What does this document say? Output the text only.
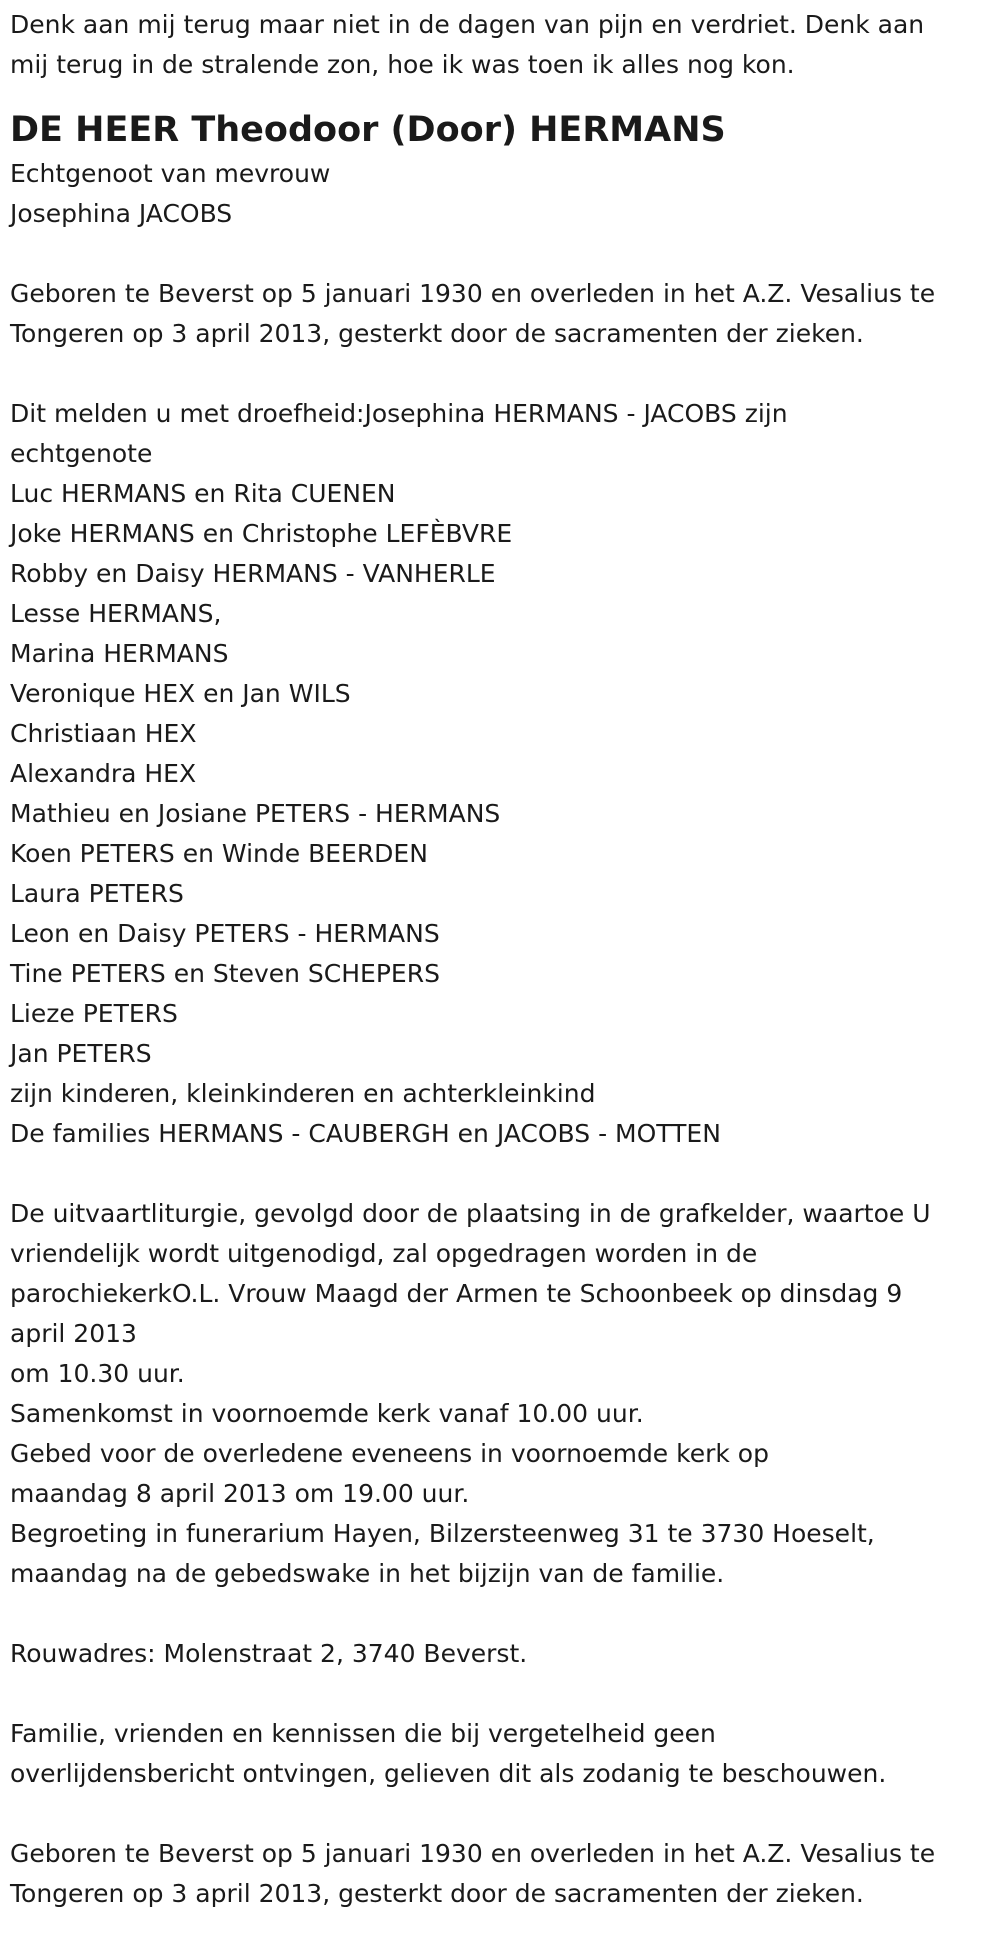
Denk aan mij terug maar niet in de dagen van pijn en verdriet. Denk aan
mij terug in de stralende zon, hoe ik was toen ik alles nog kon.
DE HEER Theodoor (Door) HERMANS
Echtgenoot van mevrouw
Josephina JACOBS
Geboren te Beverst op 5 januari 1930 en overleden in het A.Z. Vesalius te
Tongeren op 3 april 2013, gesterkt door de sacramenten der zieken.
Dit melden u met droefheid:Josephina HERMANS - JACOBS zijn
echtgenote
Luc HERMANS en Rita CUENEN
Joke HERMANS en Christophe LEFÈBVRE
Robby en Daisy HERMANS - VANHERLE
Lesse HERMANS,
Marina HERMANS
Veronique HEX en Jan WILS
Christiaan HEX
Alexandra HEX
Mathieu en Josiane PETERS - HERMANS
Koen PETERS en Winde BEERDEN
Laura PETERS
Leon en Daisy PETERS - HERMANS
Tine PETERS en Steven SCHEPERS
Lieze PETERS
Jan PETERS
zijn kinderen, kleinkinderen en achterkleinkind
De families HERMANS - CAUBERGH en JACOBS - MOTTEN
De uitvaartliturgie, gevolgd door de plaatsing in de grafkelder, waartoe U
vriendelijk wordt uitgenodigd, zal opgedragen worden in de
parochiekerkO.L. Vrouw Maagd der Armen te Schoonbeek op dinsdag 9
april 2013
om 10.30 uur.
Samenkomst in voornoemde kerk vanaf 10.00 uur.
Gebed voor de overledene eveneens in voornoemde kerk op
maandag 8 april 2013 om 19.00 uur.
Begroeting in funerarium Hayen, Bilzersteenweg 31 te 3730 Hoeselt,
maandag na de gebedswake in het bijzijn van de familie.
Rouwadres: Molenstraat 2, 3740 Beverst.
Familie, vrienden en kennissen die bij vergetelheid geen
overlijdensbericht ontvingen, gelieven dit als zodanig te beschouwen.
Geboren te Beverst op 5 januari 1930 en overleden in het A.Z. Vesalius te
Tongeren op 3 april 2013, gesterkt door de sacramenten der zieken.
